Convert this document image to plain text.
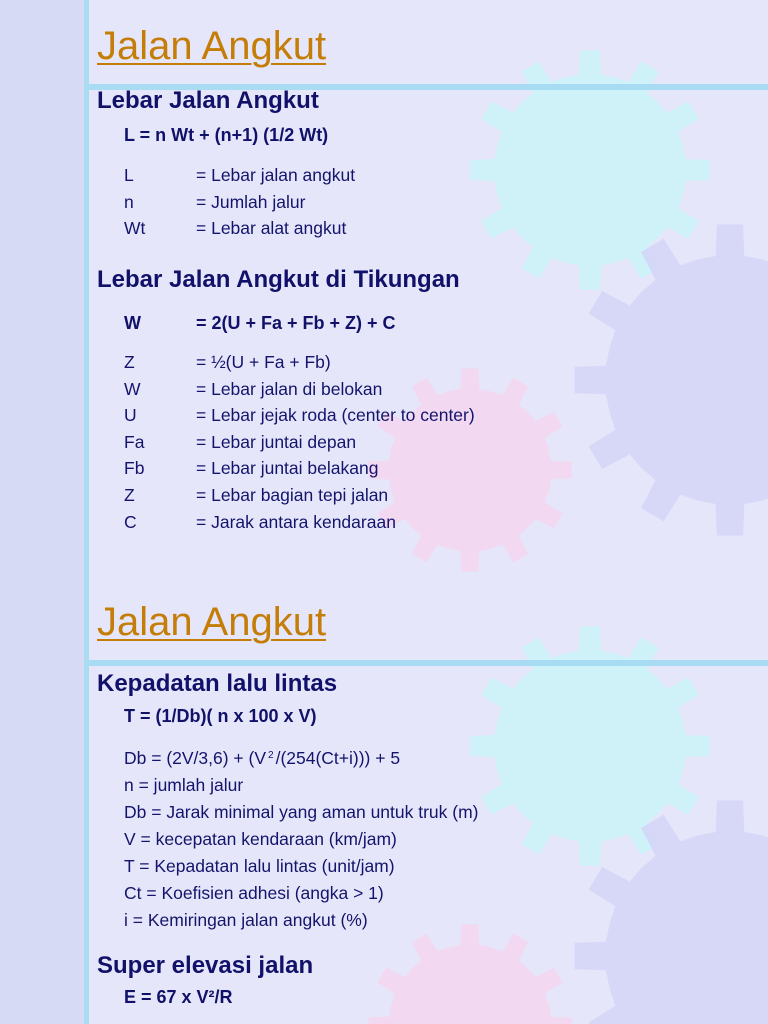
Jalan Angkut
Lebar Jalan Angkut

L = n Wt + (n+1) (1/2 Wt)

L	= Lebar jalan angkut
n	= Jumlah jalur
Wt	= Lebar alat angkut
Lebar Jalan Angkut di Tikungan

W	= 2(U + Fa + Fb + Z) + C

Z	= ½(U + Fa + Fb)
W	= Lebar jalan di belokan
U	= Lebar jejak roda (center to center)
Fa	= Lebar juntai depan
Fb	= Lebar juntai belakang
Z	= Lebar bagian tepi jalan
C	= Jarak antara kendaraan
Jalan Angkut
Kepadatan lalu lintas

T = (1/Db)( n x 100 x V)

Db = (2V/3,6) + (V $^2$ /(254(Ct+i))) + 5
n = jumlah jalur
Db = Jarak minimal yang aman untuk truk (m)
V = kecepatan kendaraan (km/jam)
T = Kepadatan lalu lintas (unit/jam)
Ct = Koefisien adhesi (angka > 1)
i = Kemiringan jalan angkut (%)
Super elevasi jalan

E = 67 x V²/R
